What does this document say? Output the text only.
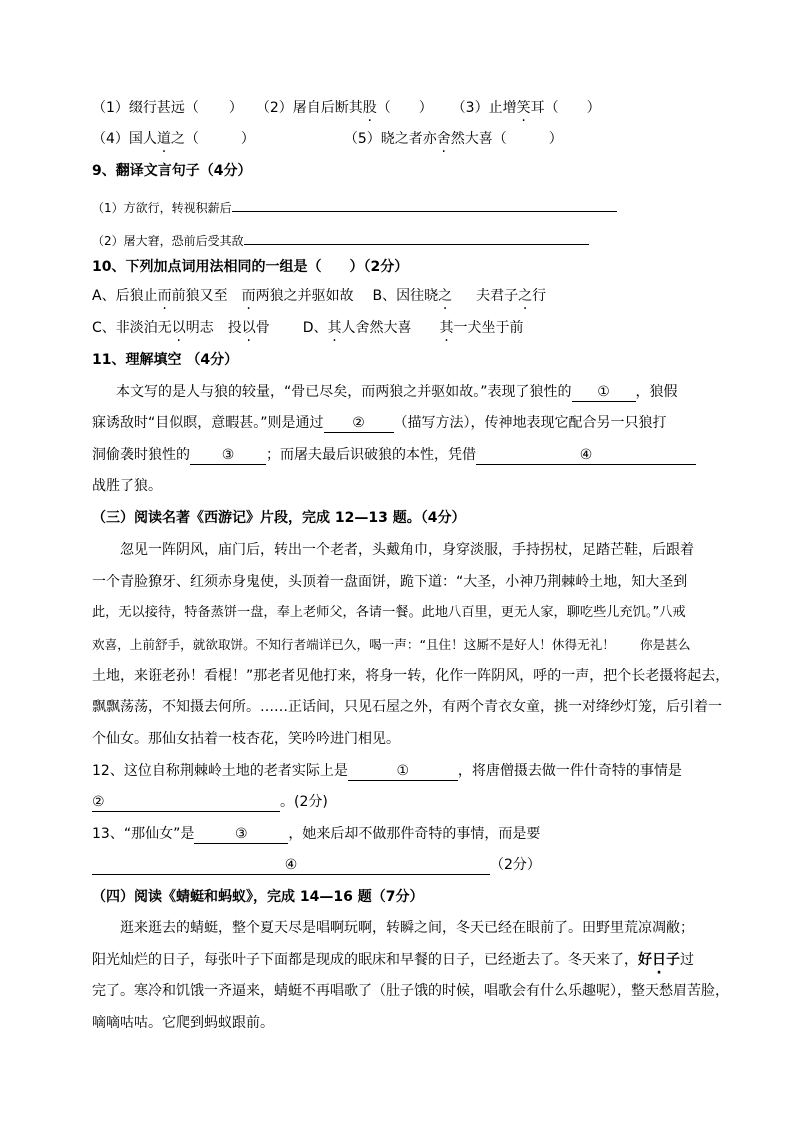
（1）缀行甚远（ ） （2）屠自后断其股（　　） （3）止增笑耳（　　）
（4）国人道之（　　　）	（5）晓之者亦舍然大喜（　　　）
9、翻译文言句子（4分）
（1）方欲行，转视积薪后
（2）屠大窘，恐前后受其敌
10、下列加点词用法相同的一组是（　　）（2分）
A、后狼止而前狼又至　而两狼之并驱如故 B、因往晓之 夫君子之行
C、非淡泊无以明志　投以骨 D、其人舍然大喜　　其一犬坐于前
11、理解填空 （4分）
本文写的是人与狼的较量，“骨已尽矣，而两狼之并驱如故。”表现了狼性的 ① ，狼假
寐诱敌时“目似瞑，意暇甚。”则是通过 ② （描写方法），传神地表现它配合另一只狼打
洞偷袭时狼性的 ③ ；而屠夫最后识破狼的本性，凭借	④
战胜了狼。
（三）阅读名著《西游记》片段，完成 12—13 题。（4分）
忽见一阵阴风，庙门后，转出一个老者，头戴角巾，身穿淡服，手持拐杖，足踏芒鞋，后跟着
一个青脸獠牙、红须赤身鬼使，头顶着一盘面饼，跪下道：“大圣，小神乃荆棘岭土地，知大圣到
此，无以接待，特备蒸饼一盘，奉上老师父，各请一餐。此地八百里，更无人家，聊吃些儿充饥。”八戒
欢喜，上前舒手，就欲取饼。不知行者端详已久，喝一声：“且住！这厮不是好人！休得无礼！　　你是甚么
土地，来诳老孙！看棍！”那老者见他打来，将身一转，化作一阵阴风，呼的一声，把个长老摄将起去，
飘飘荡荡，不知摄去何所。……正话间，只见石屋之外，有两个青衣女童，挑一对绛纱灯笼，后引着一
个仙女。那仙女拈着一枝杏花，笑吟吟进门相见。
12、这位自称荆棘岭土地的老者实际上是	①	，将唐僧摄去做一件什奇特的事情是
②	。(2分)
13、“那仙女”是	③	，她来后却不做那件奇特的事情，而是要
④	（2分）
（四）阅读《蜻蜓和蚂蚁》，完成 14—16 题（7分）
逛来逛去的蜻蜓，整个夏天尽是唱啊玩啊，转瞬之间，冬天已经在眼前了。田野里荒凉凋敝；
阳光灿烂的日子，每张叶子下面都是现成的眠床和早餐的日子，已经逝去了。冬天来了，好日子过
完了。寒冷和饥饿一齐逼来，蜻蜓不再唱歌了（肚子饿的时候，唱歌会有什么乐趣呢），整天愁眉苦脸，
嘀嘀咕咕。它爬到蚂蚁跟前。
